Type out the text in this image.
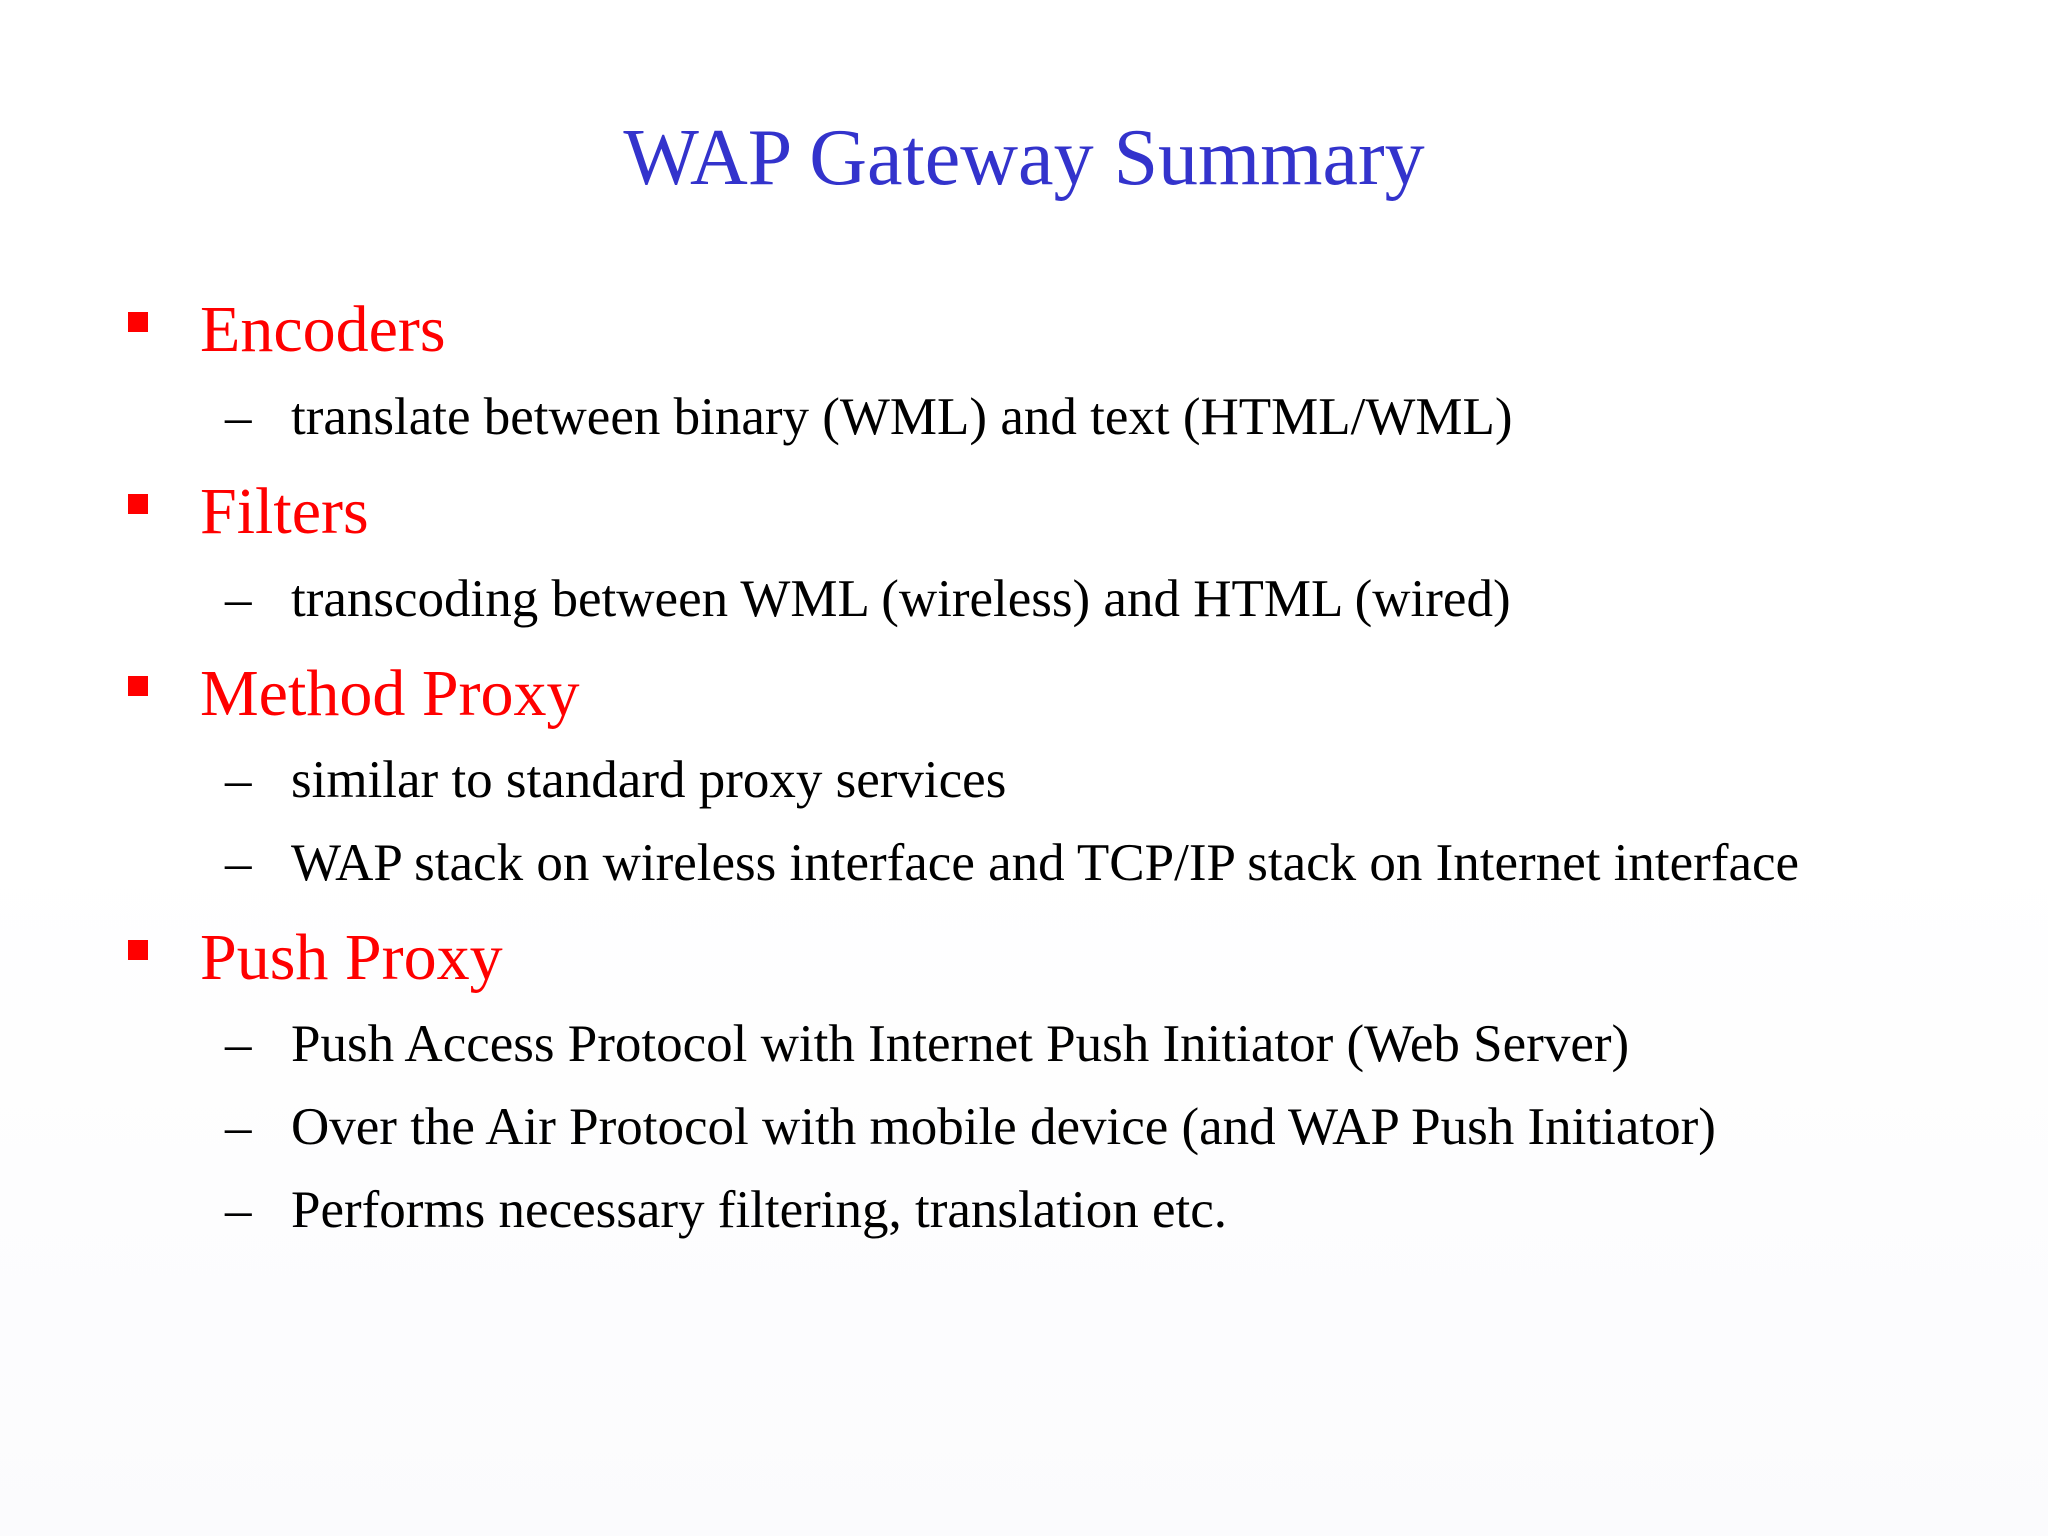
WAP Gateway Summary
Encoders
– translate between binary (WML) and text (HTML/WML)
Filters
– transcoding between WML (wireless) and HTML (wired)
Method Proxy
– similar to standard proxy services
– WAP stack on wireless interface and TCP/IP stack on Internet interface
Push Proxy
– Push Access Protocol with Internet Push Initiator (Web Server)
– Over the Air Protocol with mobile device (and WAP Push Initiator)
– Performs necessary filtering, translation etc.
